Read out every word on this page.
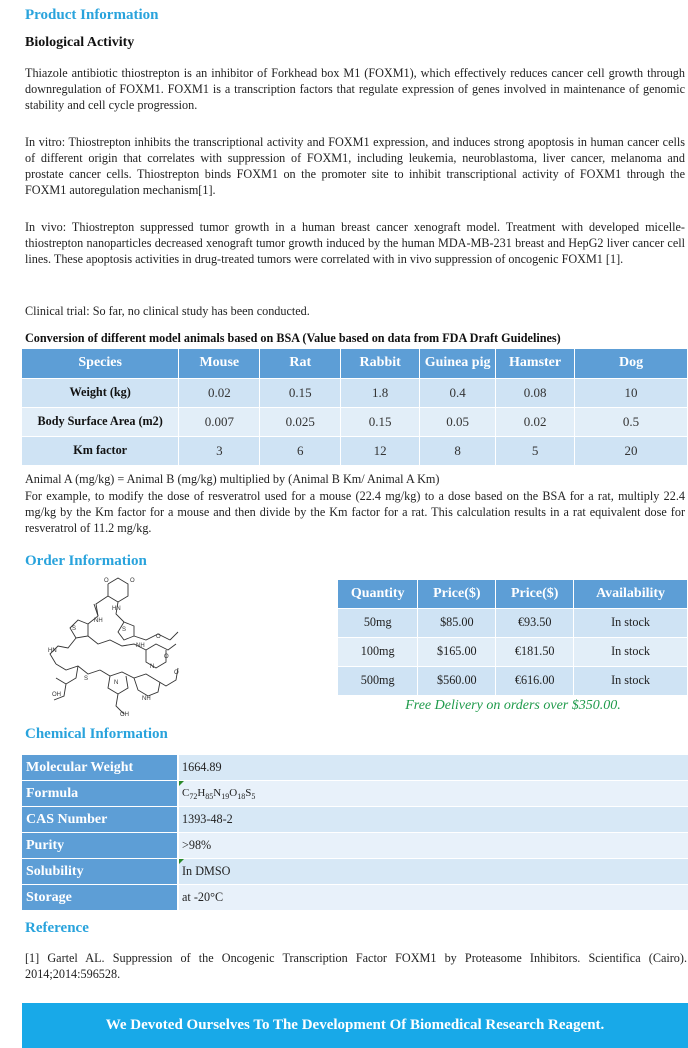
Product Information
Biological Activity
Thiazole antibiotic thiostrepton is an inhibitor of Forkhead box M1 (FOXM1), which effectively reduces cancer cell growth through downregulation of FOXM1. FOXM1 is a transcription factors that regulate expression of genes involved in maintenance of genomic stability and cell cycle progression.
In vitro: Thiostrepton inhibits the transcriptional activity and FOXM1 expression, and induces strong apoptosis in human cancer cells of different origin that correlates with suppression of FOXM1, including leukemia, neuroblastoma, liver cancer, melanoma and prostate cancer cells. Thiostrepton binds FOXM1 on the promoter site to inhibit transcriptional activity of FOXM1 through the FOXM1 autoregulation mechanism[1].
In vivo: Thiostrepton suppressed tumor growth in a human breast cancer xenograft model. Treatment with developed micelle-thiostrepton nanoparticles decreased xenograft tumor growth induced by the human MDA-MB-231 breast and HepG2 liver cancer cell lines. These apoptosis activities in drug-treated tumors were correlated with in vivo suppression of oncogenic FOXM1 [1].
Clinical trial: So far, no clinical study has been conducted.
Conversion of different model animals based on BSA (Value based on data from FDA Draft Guidelines)
Species	Mouse	Rat	Rabbit	Guinea pig	Hamster	Dog
Weight (kg)	0.02	0.15	1.8	0.4	0.08	10
Body Surface Area (m2)	0.007	0.025	0.15	0.05	0.02	0.5
Km factor	3	6	12	8	5	20
Animal A (mg/kg) = Animal B (mg/kg) multiplied by (Animal B Km/ Animal A Km)
For example, to modify the dose of resveratrol used for a mouse (22.4 mg/kg) to a dose based on the BSA for a rat, multiply 22.4 mg/kg by the Km factor for a mouse and then divide by the Km factor for a rat. This calculation results in a rat equivalent dose for resveratrol of 11.2 mg/kg.
Order Information
O	O
HN
S
NH
S
HN
NH
O
N
S
N
OH
OH
O
NH
O
Quantity	Price($)	Price($)	Availability
50mg	$85.00	€93.50	In stock
100mg	$165.00	€181.50	In stock
500mg	$560.00	€616.00	In stock
Free Delivery on orders over $350.00.
Chemical Information
Molecular Weight	1664.89
Formula	$C_{72}H_{85}N_{19}O_{18}S_5$
CAS Number	1393-48-2
Purity	>98%
Solubility	In DMSO
Storage	at -20°C
Reference
[1] Gartel AL. Suppression of the Oncogenic Transcription Factor FOXM1 by Proteasome Inhibitors. Scientifica (Cairo). 2014;2014:596528.
We Devoted Ourselves To The Development Of Biomedical Research Reagent.
